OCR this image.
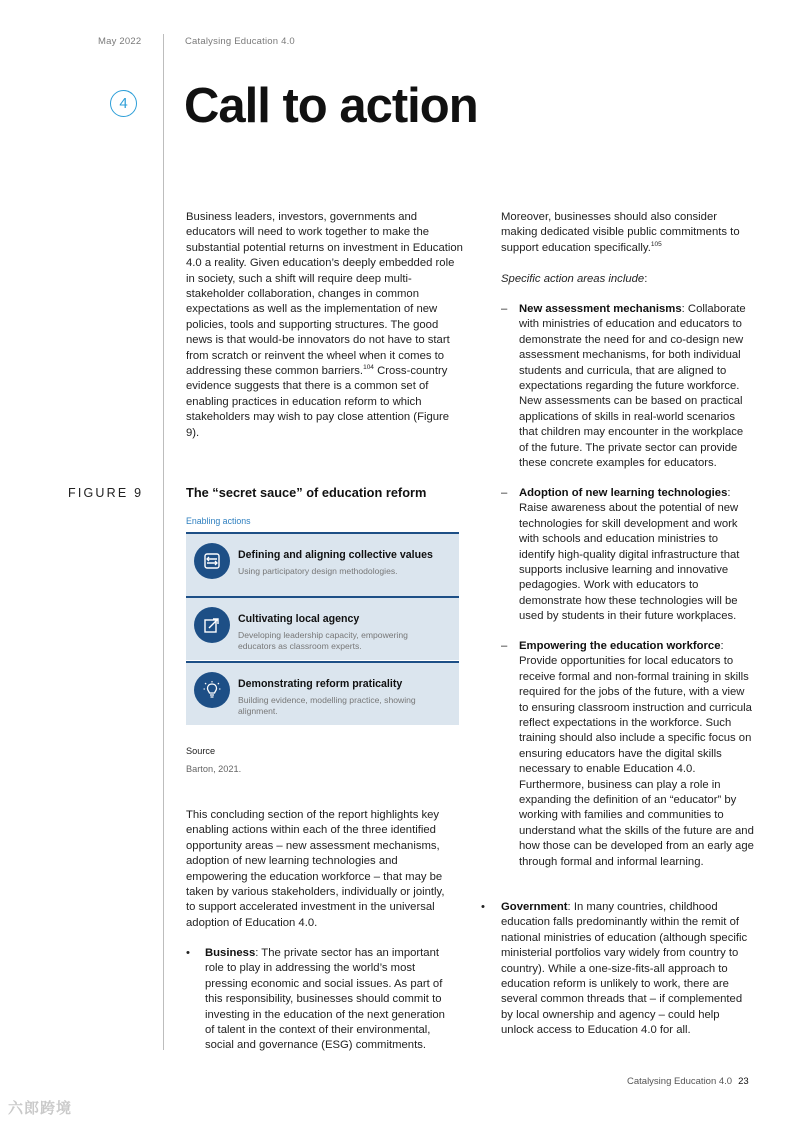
May 2022	Catalysing Education 4.0
4 Call to action

Business leaders, investors, governments and educators will need to work together to make the substantial potential returns on investment in Education 4.0 a reality. Given education’s deeply embedded role in society, such a shift will require deep multi-stakeholder collaboration, changes in common expectations as well as the implementation of new policies, tools and supporting structures. The good news is that would-be innovators do not have to start from scratch or reinvent the wheel when it comes to addressing these common barriers.$^{104}$ Cross-country evidence suggests that there is a common set of enabling practices in education reform to which stakeholders may wish to pay close attention (Figure 9).

FIGURE 9	The “secret sauce” of education reform
Enabling actions
Defining and aligning collective values
Using participatory design methodologies.
Cultivating local agency
Developing leadership capacity, empowering educators as classroom experts.
Demonstrating reform praticality
Building evidence, modelling practice, showing alignment.
Source
Barton, 2021.
This concluding section of the report highlights key enabling actions within each of the three identified opportunity areas – new assessment mechanisms, adoption of new learning technologies and empowering the education workforce – that may be taken by various stakeholders, individually or jointly, to support accelerated investment in the universal adoption of Education 4.0.
• Business: The private sector has an important role to play in addressing the world’s most pressing economic and social issues. As part of this responsibility, businesses should commit to investing in the education of the next generation of talent in the context of their environmental, social and governance (ESG) commitments.
Moreover, businesses should also consider making dedicated visible public commitments to support education specifically.$^{105}$
Specific action areas include:
– New assessment mechanisms: Collaborate with ministries of education and educators to demonstrate the need for and co-design new assessment mechanisms, for both individual students and curricula, that are aligned to expectations regarding the future workforce. New assessments can be based on practical applications of skills in real-world scenarios that children may encounter in the workplace of the future. The private sector can provide these concrete examples for educators.
– Adoption of new learning technologies: Raise awareness about the potential of new technologies for skill development and work with schools and education ministries to identify high-quality digital infrastructure that supports inclusive learning and innovative pedagogies. Work with educators to demonstrate how these technologies will be used by students in their future workplaces.
– Empowering the education workforce: Provide opportunities for local educators to receive formal and non-formal training in skills required for the jobs of the future, with a view to ensuring classroom instruction and curricula reflect expectations in the workforce. Such training should also include a specific focus on ensuring educators have the digital skills necessary to enable Education 4.0. Furthermore, business can play a role in expanding the definition of an “educator” by working with families and communities to understand what the skills of the future are and how those can be developed from an early age through formal and informal learning.
• Government: In many countries, childhood education falls predominantly within the remit of national ministries of education (although specific ministerial portfolios vary widely from country to country). While a one-size-fits-all approach to education reform is unlikely to work, there are several common threads that – if complemented by local ownership and agency – could help unlock access to Education 4.0 for all.
Catalysing Education 4.0 23
六郎跨境
